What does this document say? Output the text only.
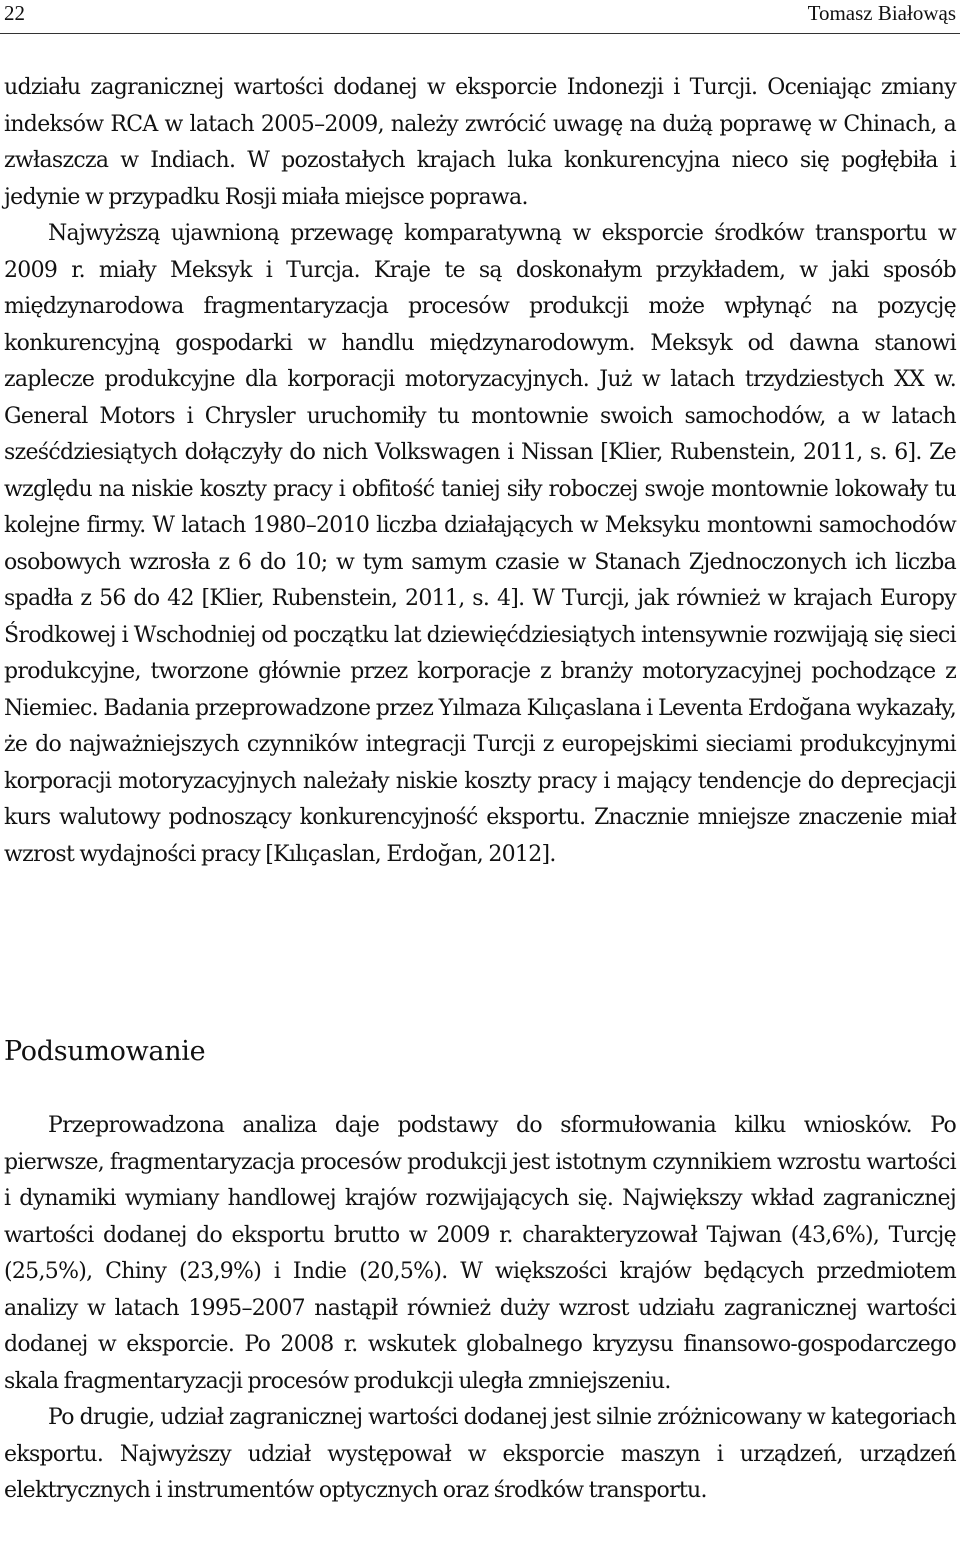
22	Tomasz Białowąs

udziału zagranicznej wartości dodanej w eksporcie Indonezji i Turcji. Oceniając zmiany indeksów RCA w latach 2005–2009, należy zwrócić uwagę na dużą poprawę w Chinach, a zwłaszcza w Indiach. W pozostałych krajach luka konkurencyjna nieco się pogłębiła i jedynie w przypadku Rosji miała miejsce poprawa.

Najwyższą ujawnioną przewagę komparatywną w eksporcie środków transportu w 2009 r. miały Meksyk i Turcja. Kraje te są doskonałym przykładem, w jaki sposób międzynarodowa fragmentaryzacja procesów produkcji może wpłynąć na pozycję konkurencyjną gospodarki w handlu międzynarodowym. Meksyk od dawna stanowi zaplecze produkcyjne dla korporacji motoryzacyjnych. Już w latach trzydziestych XX w. General Motors i Chrysler uruchomiły tu montownie swoich samochodów, a w latach sześćdziesiątych dołączyły do nich Volkswagen i Nissan [Klier, Rubenstein, 2011, s. 6]. Ze względu na niskie koszty pracy i obfitość taniej siły roboczej swoje montownie lokowały tu kolejne firmy. W latach 1980–2010 liczba działających w Meksyku montowni samochodów osobowych wzrosła z 6 do 10; w tym samym czasie w Stanach Zjednoczonych ich liczba spadła z 56 do 42 [Klier, Rubenstein, 2011, s. 4]. W Turcji, jak również w krajach Europy Środkowej i Wschodniej od początku lat dziewięćdziesiątych intensywnie rozwijają się sieci produkcyjne, tworzone głównie przez korporacje z branży motoryzacyjnej pochodzące z Niemiec. Badania przeprowadzone przez Yılmaza Kılıçaslana i Leventa Erdoğana wykazały, że do najważniejszych czynników integracji Turcji z europejskimi sieciami produkcyjnymi korporacji motoryzacyjnych należały niskie koszty pracy i mający tendencje do deprecjacji kurs walutowy podnoszący konkurencyjność eksportu. Znacznie mniejsze znaczenie miał wzrost wydajności pracy [Kılıçaslan, Erdoğan, 2012].

Podsumowanie

Przeprowadzona analiza daje podstawy do sformułowania kilku wniosków. Po pierwsze, fragmentaryzacja procesów produkcji jest istotnym czynnikiem wzrostu wartości i dynamiki wymiany handlowej krajów rozwijających się. Największy wkład zagranicznej wartości dodanej do eksportu brutto w 2009 r. charakteryzował Tajwan (43,6%), Turcję (25,5%), Chiny (23,9%) i Indie (20,5%). W większości krajów będących przedmiotem analizy w latach 1995–2007 nastąpił również duży wzrost udziału zagranicznej wartości dodanej w eksporcie. Po 2008 r. wskutek globalnego kryzysu finansowo-gospodarczego skala fragmentaryzacji procesów produkcji uległa zmniejszeniu.

Po drugie, udział zagranicznej wartości dodanej jest silnie zróżnicowany w kategoriach eksportu. Najwyższy udział występował w eksporcie maszyn i urządzeń, urządzeń elektrycznych i instrumentów optycznych oraz środków transportu.
